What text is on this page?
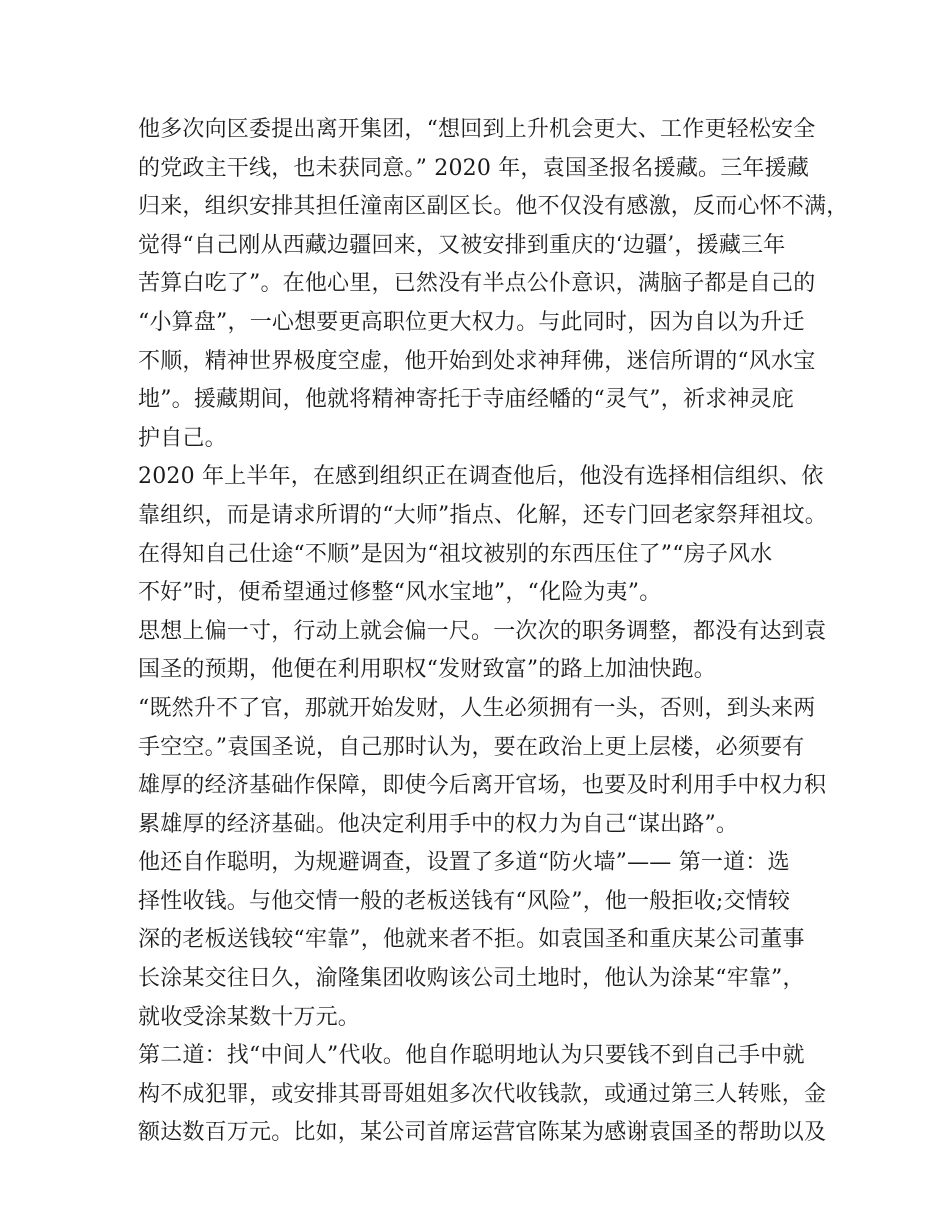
他多次向区委提出离开集团，“想回到上升机会更大、工作更轻松安全
的党政主干线，也未获同意。” 2020 年，袁国圣报名援藏。三年援藏
归来，组织安排其担任潼南区副区长。他不仅没有感激，反而心怀不满，
觉得“自己刚从西藏边疆回来，又被安排到重庆的‘边疆’，援藏三年
苦算白吃了”。在他心里，已然没有半点公仆意识，满脑子都是自己的
“小算盘”，一心想要更高职位更大权力。与此同时，因为自以为升迁
不顺，精神世界极度空虚，他开始到处求神拜佛，迷信所谓的“风水宝
地”。援藏期间，他就将精神寄托于寺庙经幡的“灵气”，祈求神灵庇
护自己。
2020 年上半年，在感到组织正在调查他后，他没有选择相信组织、依
靠组织，而是请求所谓的“大师”指点、化解，还专门回老家祭拜祖坟。
在得知自己仕途“不顺”是因为“祖坟被别的东西压住了”“房子风水
不好”时，便希望通过修整“风水宝地”，“化险为夷”。
思想上偏一寸，行动上就会偏一尺。一次次的职务调整，都没有达到袁
国圣的预期，他便在利用职权“发财致富”的路上加油快跑。
“既然升不了官，那就开始发财，人生必须拥有一头，否则，到头来两
手空空。”袁国圣说，自己那时认为，要在政治上更上层楼，必须要有
雄厚的经济基础作保障，即使今后离开官场，也要及时利用手中权力积
累雄厚的经济基础。他决定利用手中的权力为自己“谋出路”。
他还自作聪明，为规避调查，设置了多道“防火墙”—— 第一道：选
择性收钱。与他交情一般的老板送钱有“风险”，他一般拒收;交情较
深的老板送钱较“牢靠”，他就来者不拒。如袁国圣和重庆某公司董事
长涂某交往日久，渝隆集团收购该公司土地时，他认为涂某“牢靠”，
就收受涂某数十万元。
第二道：找“中间人”代收。他自作聪明地认为只要钱不到自己手中就
构不成犯罪，或安排其哥哥姐姐多次代收钱款，或通过第三人转账，金
额达数百万元。比如，某公司首席运营官陈某为感谢袁国圣的帮助以及
